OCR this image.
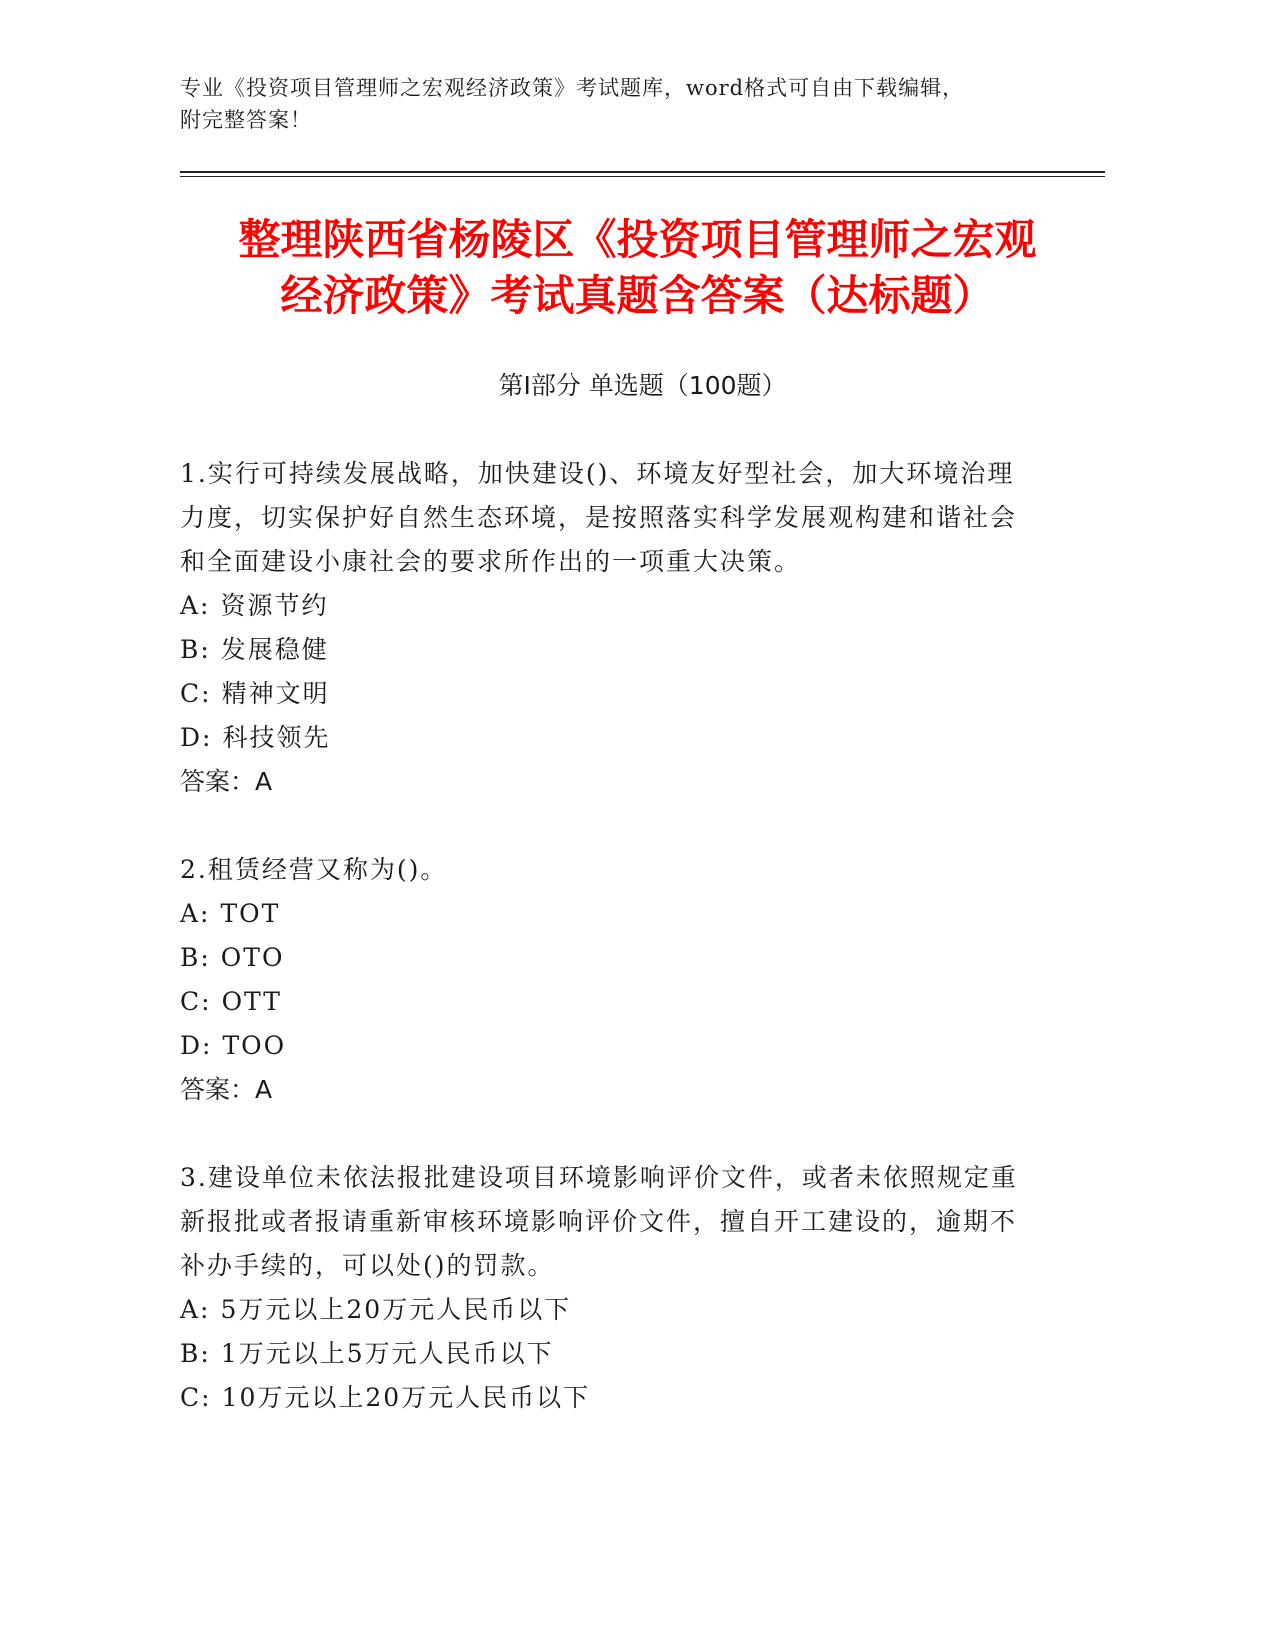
专业《投资项目管理师之宏观经济政策》考试题库，word格式可自由下载编辑，
附完整答案！
整理陕西省杨陵区《投资项目管理师之宏观
经济政策》考试真题含答案（达标题）
第Ⅰ部分 单选题（100题）

1.实行可持续发展战略，加快建设()、环境友好型社会，加大环境治理力度，切实保护好自然生态环境，是按照落实科学发展观构建和谐社会和全面建设小康社会的要求所作出的一项重大决策。

A: 资源节约

B: 发展稳健

C: 精神文明

D: 科技领先

答案：A

2.租赁经营又称为()。

A: TOT

B: OTO

C: OTT

D: TOO

答案：A

3.建设单位未依法报批建设项目环境影响评价文件，或者未依照规定重新报批或者报请重新审核环境影响评价文件，擅自开工建设的，逾期不补办手续的，可以处()的罚款。

A: 5万元以上20万元人民币以下

B: 1万元以上5万元人民币以下

C: 10万元以上20万元人民币以下
